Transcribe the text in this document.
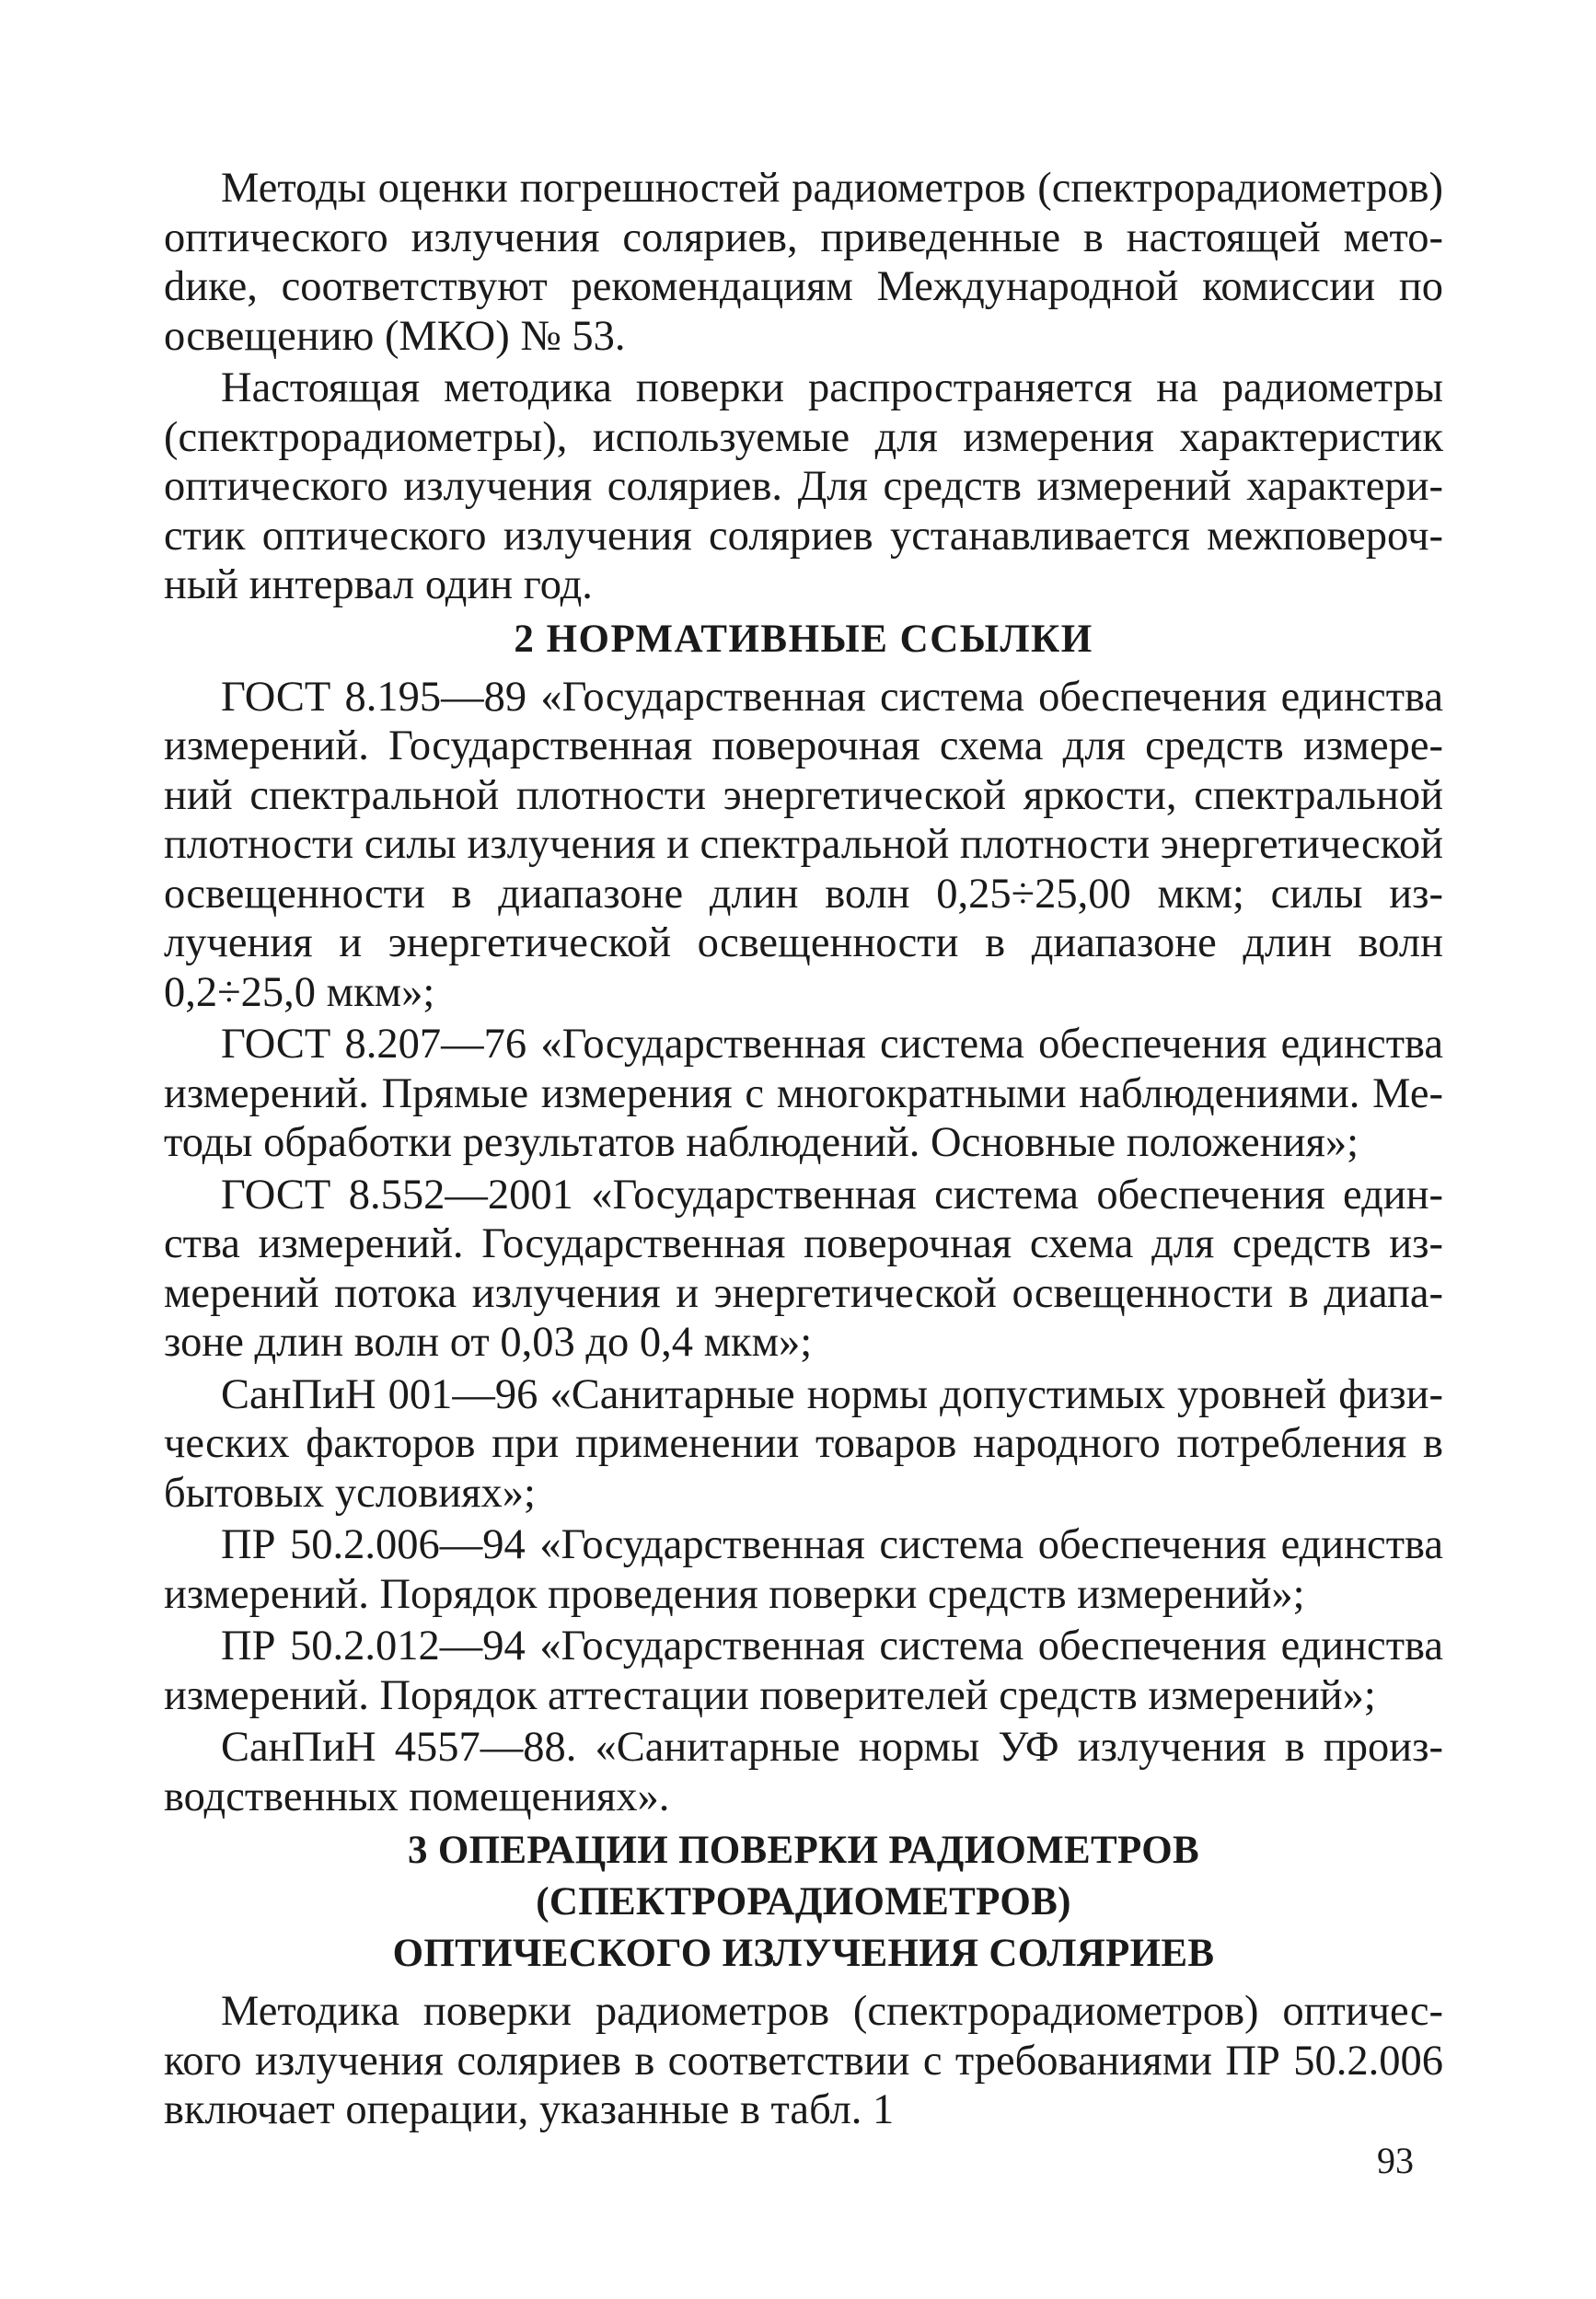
Методы оценки погрешностей радиометров (спектрорадиометров) оптического излучения соляриев, приведенные в настоящей метоdике, соответствуют рекомендациям Международной комиссии по освещению (МКО) № 53.

Настоящая методика поверки распространяется на радиометры (спектрорадиометры), используемые для измерения характеристик оптического излучения соляриев. Для средств измерений характеристик оптического излучения соляриев устанавливается межповерочный интервал один год.

2 НОРМАТИВНЫЕ ССЫЛКИ

ГОСТ 8.195—89 «Государственная система обеспечения единства измерений. Государственная поверочная схема для средств измерений спектральной плотности энергетической яркости, спектральной плотности силы излучения и спектральной плотности энергетической освещенности в диапазоне длин волн 0,25÷25,00 мкм; силы излучения и энергетической освещенности в диапазоне длин волн 0,2÷25,0 мкм»;

ГОСТ 8.207—76 «Государственная система обеспечения единства измерений. Прямые измерения с многократными наблюдениями. Методы обработки результатов наблюдений. Основные положения»;

ГОСТ 8.552—2001 «Государственная система обеспечения единства измерений. Государственная поверочная схема для средств измерений потока излучения и энергетической освещенности в диапазоне длин волн от 0,03 до 0,4 мкм»;

СанПиН 001—96 «Санитарные нормы допустимых уровней физических факторов при применении товаров народного потребления в бытовых условиях»;

ПР 50.2.006—94 «Государственная система обеспечения единства измерений. Порядок проведения поверки средств измерений»;

ПР 50.2.012—94 «Государственная система обеспечения единства измерений. Порядок аттестации поверителей средств измерений»;

СанПиН 4557—88. «Санитарные нормы УФ излучения в производственных помещениях».

3 ОПЕРАЦИИ ПОВЕРКИ РАДИОМЕТРОВ (СПЕКТРОРАДИОМЕТРОВ)
ОПТИЧЕСКОГО ИЗЛУЧЕНИЯ СОЛЯРИЕВ

Методика поверки радиометров (спектрорадиометров) оптического излучения соляриев в соответствии с требованиями ПР 50.2.006 включает операции, указанные в табл. 1

93
